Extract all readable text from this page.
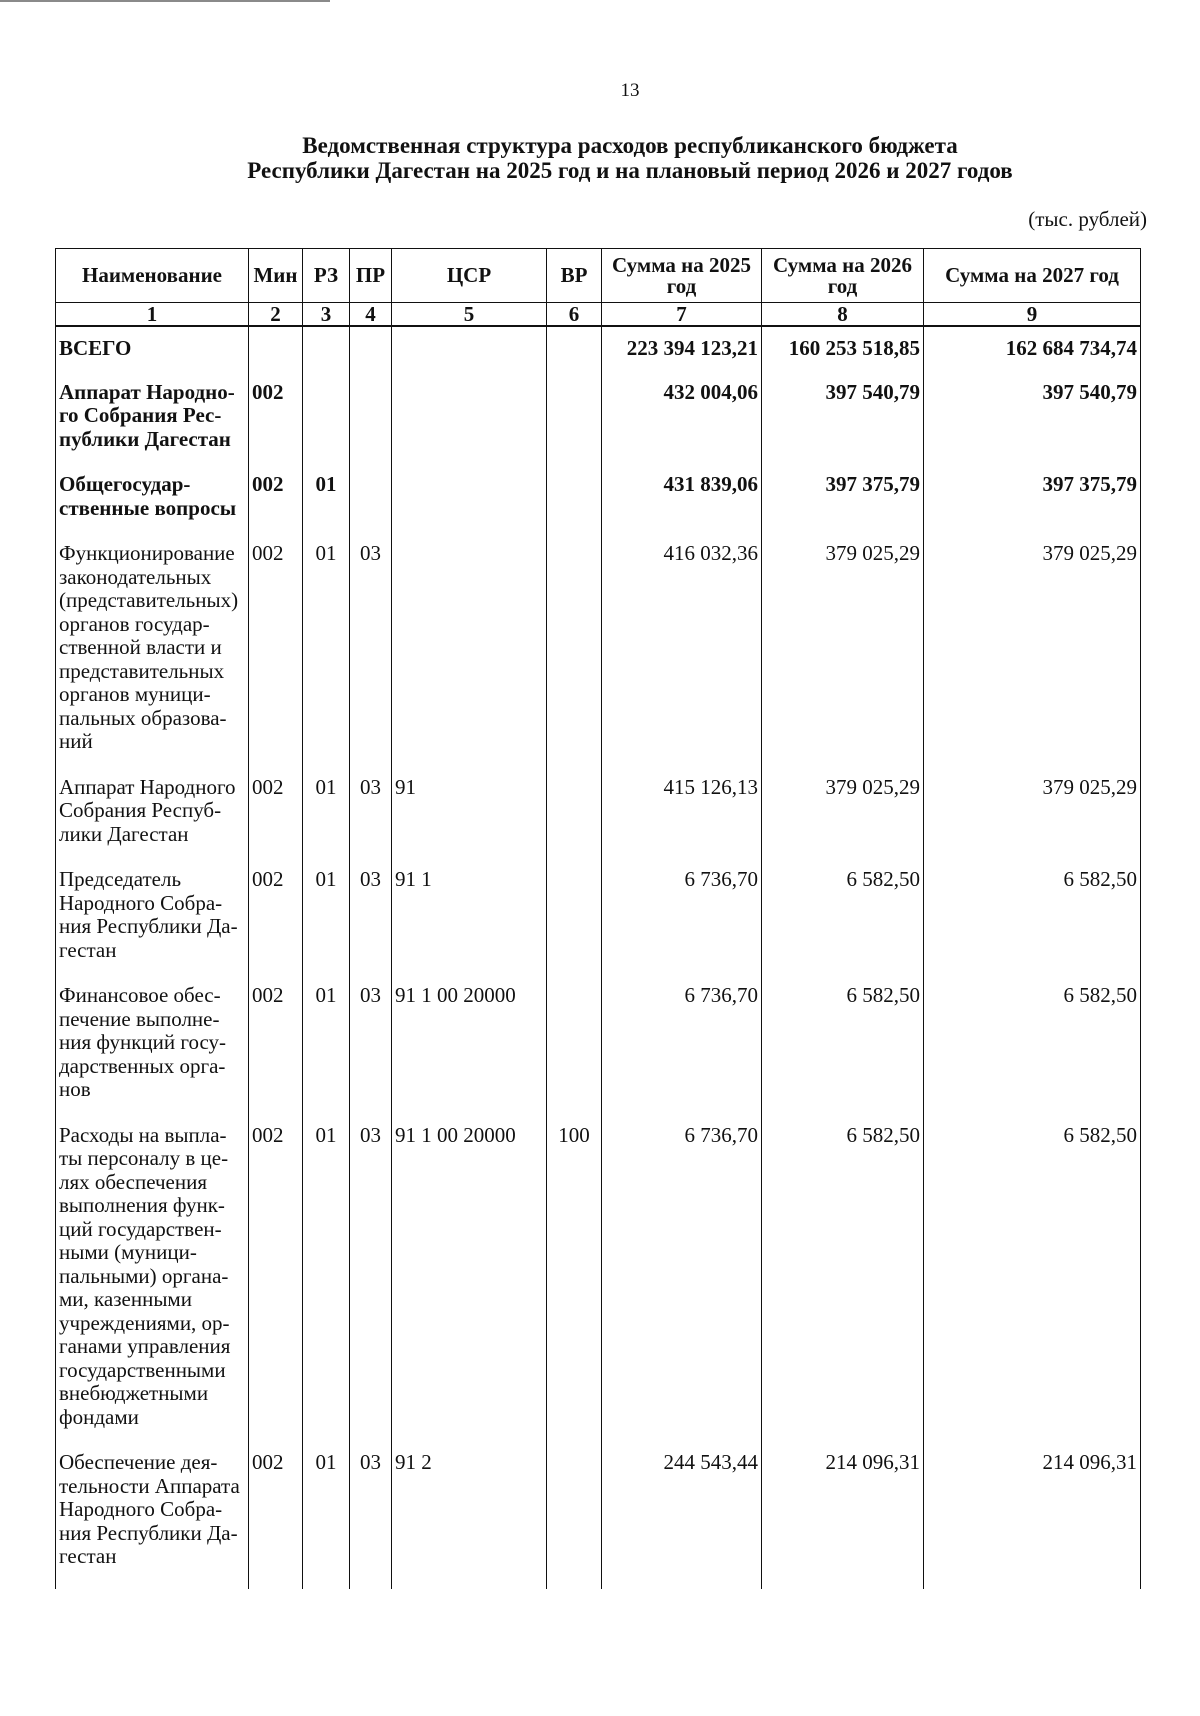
13
Ведомственная структура расходов республиканского бюджета
Республики Дагестан на 2025 год и на плановый период 2026 и 2027 годов
(тыс. рублей)
Наименование	Мин	РЗ	ПР	ЦСР	ВР	Сумма на 2025 год	Сумма на 2026 год	Сумма на 2027 год
1	2	3	4	5	6	7	8	9
ВСЕГО						223 394 123,21	160 253 518,85	162 684 734,74
Аппарат Народно-го Собрания Рес-публики Дагестан	002					432 004,06	397 540,79	397 540,79
Общегосудар-ственные вопросы	002	01				431 839,06	397 375,79	397 375,79
Функционирование законодательных (представительных) органов государ-ственной власти и представительных органов муници-пальных образова-ний	002	01	03			416 032,36	379 025,29	379 025,29
Аппарат Народного Собрания Респуб-лики Дагестан	002	01	03	91		415 126,13	379 025,29	379 025,29
Председатель Народного Собра-ния Республики Да-гестан	002	01	03	91 1		6 736,70	6 582,50	6 582,50
Финансовое обес-печение выполне-ния функций госу-дарственных орга-нов	002	01	03	91 1 00 20000		6 736,70	6 582,50	6 582,50
Расходы на выпла-ты персоналу в це-лях обеспечения выполнения функ-ций государствен-ными (муници-пальными) органа-ми, казенными учреждениями, ор-ганами управления государственными внебюджетными фондами	002	01	03	91 1 00 20000	100	6 736,70	6 582,50	6 582,50
Обеспечение дея-тельности Аппарата Народного Собра-ния Республики Да-гестан	002	01	03	91 2		244 543,44	214 096,31	214 096,31
